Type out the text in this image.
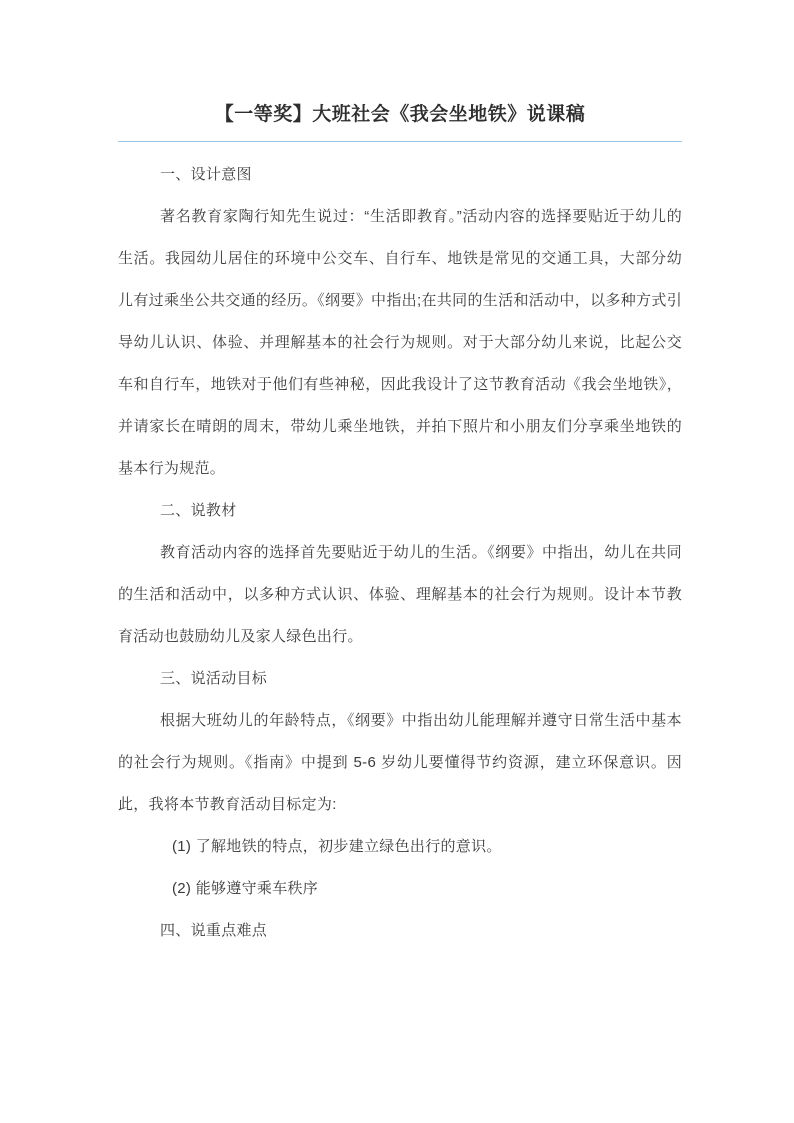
【一等奖】大班社会《我会坐地铁》说课稿

一、设计意图

著名教育家陶行知先生说过：“生活即教育。”活动内容的选择要贴近于幼儿的生活。我园幼儿居住的环境中公交车、自行车、地铁是常见的交通工具，大部分幼儿有过乘坐公共交通的经历。《纲要》中指出;在共同的生活和活动中，以多种方式引导幼儿认识、体验、并理解基本的社会行为规则。对于大部分幼儿来说，比起公交车和自行车，地铁对于他们有些神秘，因此我设计了这节教育活动《我会坐地铁》，并请家长在晴朗的周末，带幼儿乘坐地铁，并拍下照片和小朋友们分享乘坐地铁的基本行为规范。

二、说教材

教育活动内容的选择首先要贴近于幼儿的生活。《纲要》中指出，幼儿在共同的生活和活动中，以多种方式认识、体验、理解基本的社会行为规则。设计本节教育活动也鼓励幼儿及家人绿色出行。

三、说活动目标

根据大班幼儿的年龄特点，《纲要》中指出幼儿能理解并遵守日常生活中基本的社会行为规则。《指南》中提到 5-6 岁幼儿要懂得节约资源，建立环保意识。因此，我将本节教育活动目标定为:

(1) 了解地铁的特点，初步建立绿色出行的意识。

(2) 能够遵守乘车秩序

四、说重点难点
